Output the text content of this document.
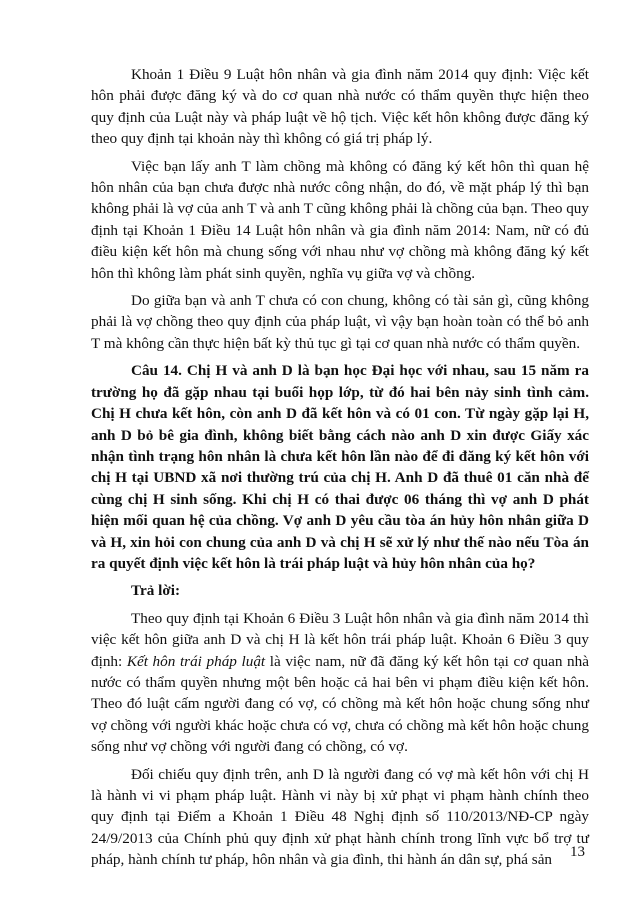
Khoản 1 Điều 9 Luật hôn nhân và gia đình năm 2014 quy định: Việc kết hôn phải được đăng ký và do cơ quan nhà nước có thẩm quyền thực hiện theo quy định của Luật này và pháp luật về hộ tịch. Việc kết hôn không được đăng ký theo quy định tại khoản này thì không có giá trị pháp lý.

Việc bạn lấy anh T làm chồng mà không có đăng ký kết hôn thì quan hệ hôn nhân của bạn chưa được nhà nước công nhận, do đó, về mặt pháp lý thì bạn không phải là vợ của anh T và anh T cũng không phải là chồng của bạn. Theo quy định tại Khoản 1 Điều 14 Luật hôn nhân và gia đình năm 2014: Nam, nữ có đủ điều kiện kết hôn mà chung sống với nhau như vợ chồng mà không đăng ký kết hôn thì không làm phát sinh quyền, nghĩa vụ giữa vợ và chồng.

Do giữa bạn và anh T chưa có con chung, không có tài sản gì, cũng không phải là vợ chồng theo quy định của pháp luật, vì vậy bạn hoàn toàn có thể bỏ anh T mà không cần thực hiện bất kỳ thủ tục gì tại cơ quan nhà nước có thẩm quyền.

Câu 14. Chị H và anh D là bạn học Đại học với nhau, sau 15 năm ra trường họ đã gặp nhau tại buổi họp lớp, từ đó hai bên nảy sinh tình cảm. Chị H chưa kết hôn, còn anh D đã kết hôn và có 01 con. Từ ngày gặp lại H, anh D bỏ bê gia đình, không biết bằng cách nào anh D xin được Giấy xác nhận tình trạng hôn nhân là chưa kết hôn lần nào để đi đăng ký kết hôn với chị H tại UBND xã nơi thường trú của chị H. Anh D đã thuê 01 căn nhà để cùng chị H sinh sống. Khi chị H có thai được 06 tháng thì vợ anh D phát hiện mối quan hệ của chồng. Vợ anh D yêu cầu tòa án hủy hôn nhân giữa D và H, xin hỏi con chung của anh D và chị H sẽ xử lý như thế nào nếu Tòa án ra quyết định việc kết hôn là trái pháp luật và hủy hôn nhân của họ?

Trả lời:

Theo quy định tại Khoản 6 Điều 3 Luật hôn nhân và gia đình năm 2014 thì việc kết hôn giữa anh D và chị H là kết hôn trái pháp luật. Khoản 6 Điều 3 quy định: Kết hôn trái pháp luật là việc nam, nữ đã đăng ký kết hôn tại cơ quan nhà nước có thẩm quyền nhưng một bên hoặc cả hai bên vi phạm điều kiện kết hôn. Theo đó luật cấm người đang có vợ, có chồng mà kết hôn hoặc chung sống như vợ chồng với người khác hoặc chưa có vợ, chưa có chồng mà kết hôn hoặc chung sống như vợ chồng với người đang có chồng, có vợ.

Đối chiếu quy định trên, anh D là người đang có vợ mà kết hôn với chị H là hành vi vi phạm pháp luật. Hành vi này bị xử phạt vi phạm hành chính theo quy định tại Điểm a Khoản 1 Điều 48 Nghị định số 110/2013/NĐ-CP ngày 24/9/2013 của Chính phủ quy định xử phạt hành chính trong lĩnh vực bổ trợ tư pháp, hành chính tư pháp, hôn nhân và gia đình, thi hành án dân sự, phá sản	13
